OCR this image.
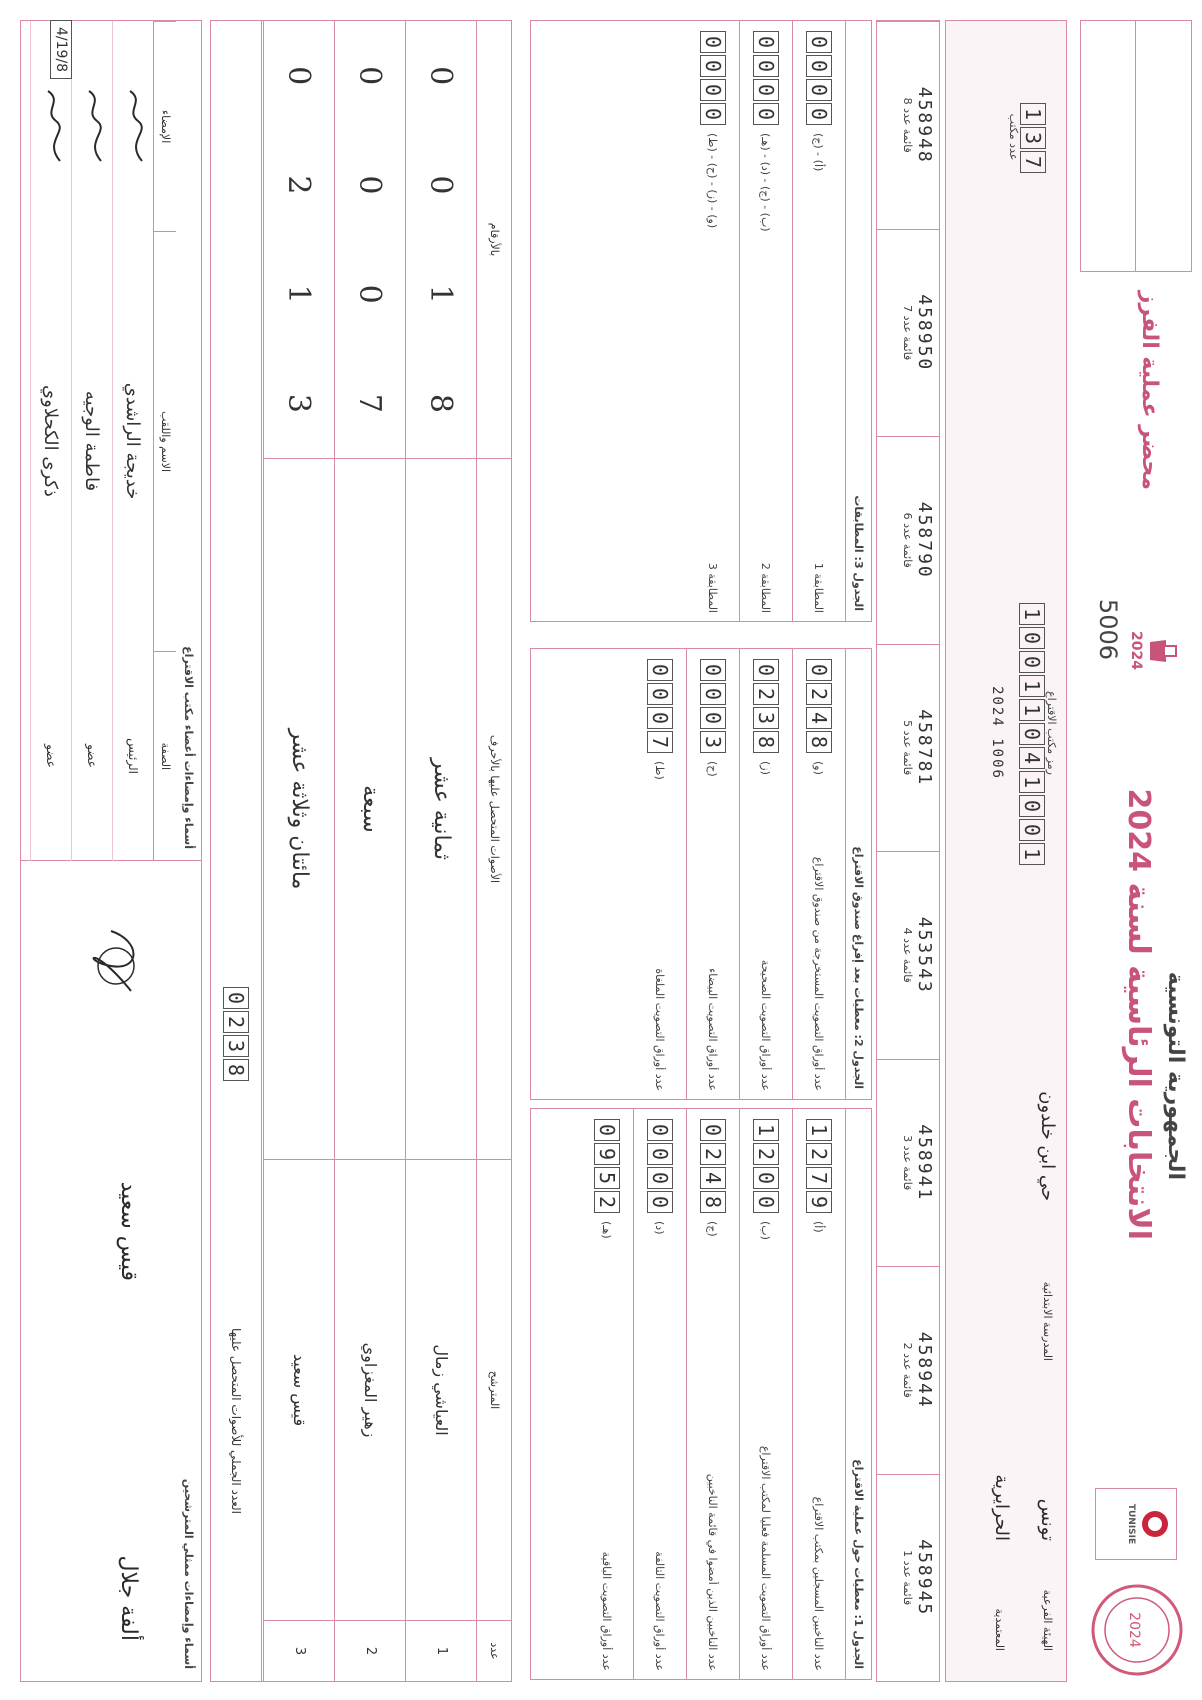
2024
TUNISIE
الجمهورية التونسية
الانتخابات الرئاسية لسنة 2024
2024
5006
محضر عملية الفرز
الهيئة الفرعية
تونس
المعتمدية
الحرايرية
المدرسة الابتدائية
حي ابن خلدون
رمز مكتب الاقتراع
10011041001
2024 1006
137
عدد مكتب
458945
قائمة عدد 1
458944
قائمة عدد 2
458941
قائمة عدد 3
453543
قائمة عدد 4
458781
قائمة عدد 5
458790
قائمة عدد 6
458950
قائمة عدد 7
458948
قائمة عدد 8
الجدول 1: معطيات حول عملية الاقتراع
عدد الناخبين المسجلين بمكتب الاقتراع
(أ)
1279
عدد أوراق التصويت المسلمة فعليا لمكتب الاقتراع
(ب)
1200
عدد الناخبين الذين أمضوا في قائمة الناخبين
(ج)
0248
عدد أوراق التصويت التالفة
(د)
0000
عدد أوراق التصويت الباقية
(هـ)
0952
الجدول 2: معطيات بعد إفراغ صندوق الاقتراع
عدد أوراق التصويت المستخرجة من صندوق الاقتراع
(و)
0248
عدد أوراق التصويت الصحيحة
(ز)
0238
عدد أوراق التصويت البيضاء
(ح)
0003
عدد أوراق التصويت الملغاة
(ط)
0007
الجدول 3: المطابقات
المطابقة 1
(أ) - (ج)
0000
المطابقة 2
(ب) - (ج) - (د) - (هـ)
0000
المطابقة 3
(و) - (ز) - (ح) - (ط)
0000
عدد
المترشح
الأصوات المتحصل عليها بالأحرف
بالأرقام
1
العياشي زمال
ثمانية عشر
0
0
1
8
2
زهير المغزاوي
سبعة
0
0
0
7
3
قيس سعيد
مائتان وثلاثة عشر
0
2
1
3
العدد الجملي للأصوات المتحصل عليها
0238
أسماء وإمضاءات ممثلي المترشحين
ألفة جلال
قيس سعيد
أسماء وإمضاءات أعضاء مكتب الاقتراع
الصفة
الاسم واللقب
الإمضاء
الرئيس
خديجة الراشدي
عضو
فاطمة الوجيه
عضو
ذكرى الكحلاوي
4/19/8
